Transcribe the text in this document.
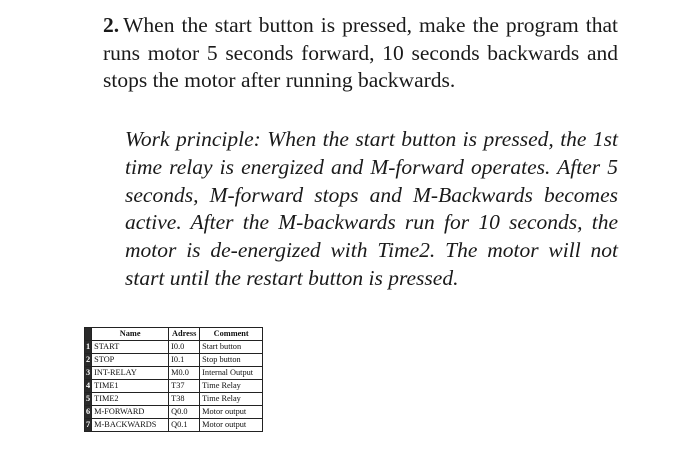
2. When the start button is pressed, make the program that runs motor 5 seconds forward, 10 seconds backwards and stops the motor after running backwards.
Work principle: When the start button is pressed, the 1st time relay is energized and M-forward operates. After 5 seconds, M-forward stops and M-Backwards becomes active. After the M-backwards run for 10 seconds, the motor is de-energized with Time2. The motor will not start until the restart button is pressed.
	Name	Adress	Comment
1	START	I0.0	Start button
2	STOP	I0.1	Stop button
3	INT-RELAY	M0.0	Internal Output
4	TIME1	T37	Time Relay
5	TIME2	T38	Time Relay
6	M-FORWARD	Q0.0	Motor output
7	M-BACKWARDS	Q0.1	Motor output
